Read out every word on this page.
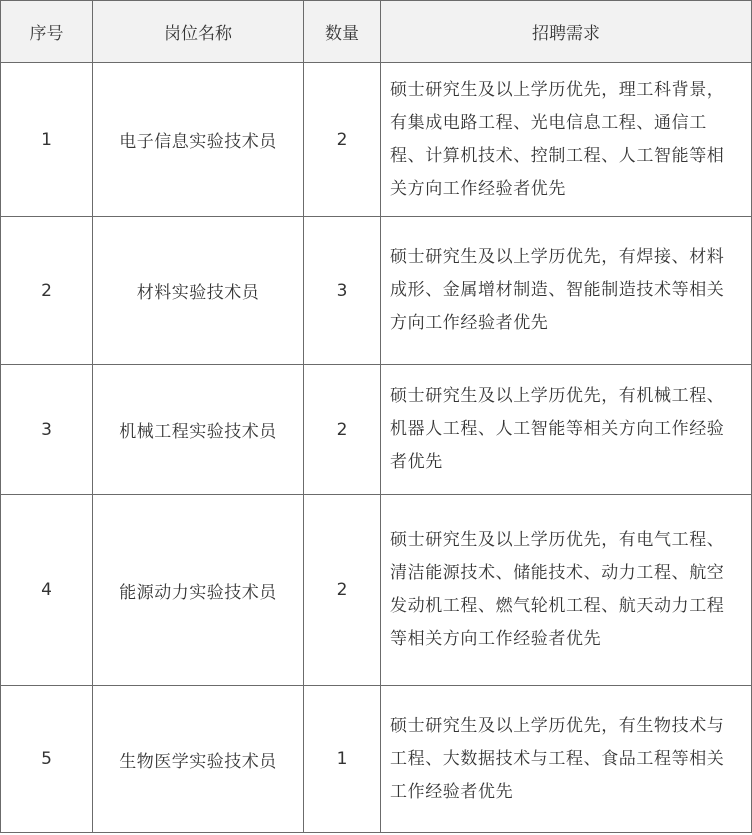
序号	岗位名称	数量	招聘需求
1	电子信息实验技术员	2	硕士研究生及以上学历优先，理工科背景，有集成电路工程、光电信息工程、通信工程、计算机技术、控制工程、人工智能等相关方向工作经验者优先
2	材料实验技术员	3	硕士研究生及以上学历优先，有焊接、材料成形、金属增材制造、智能制造技术等相关方向工作经验者优先
3	机械工程实验技术员	2	硕士研究生及以上学历优先，有机械工程、机器人工程、人工智能等相关方向工作经验者优先
4	能源动力实验技术员	2	硕士研究生及以上学历优先，有电气工程、清洁能源技术、储能技术、动力工程、航空发动机工程、燃气轮机工程、航天动力工程等相关方向工作经验者优先
5	生物医学实验技术员	1	硕士研究生及以上学历优先，有生物技术与工程、大数据技术与工程、食品工程等相关工作经验者优先
